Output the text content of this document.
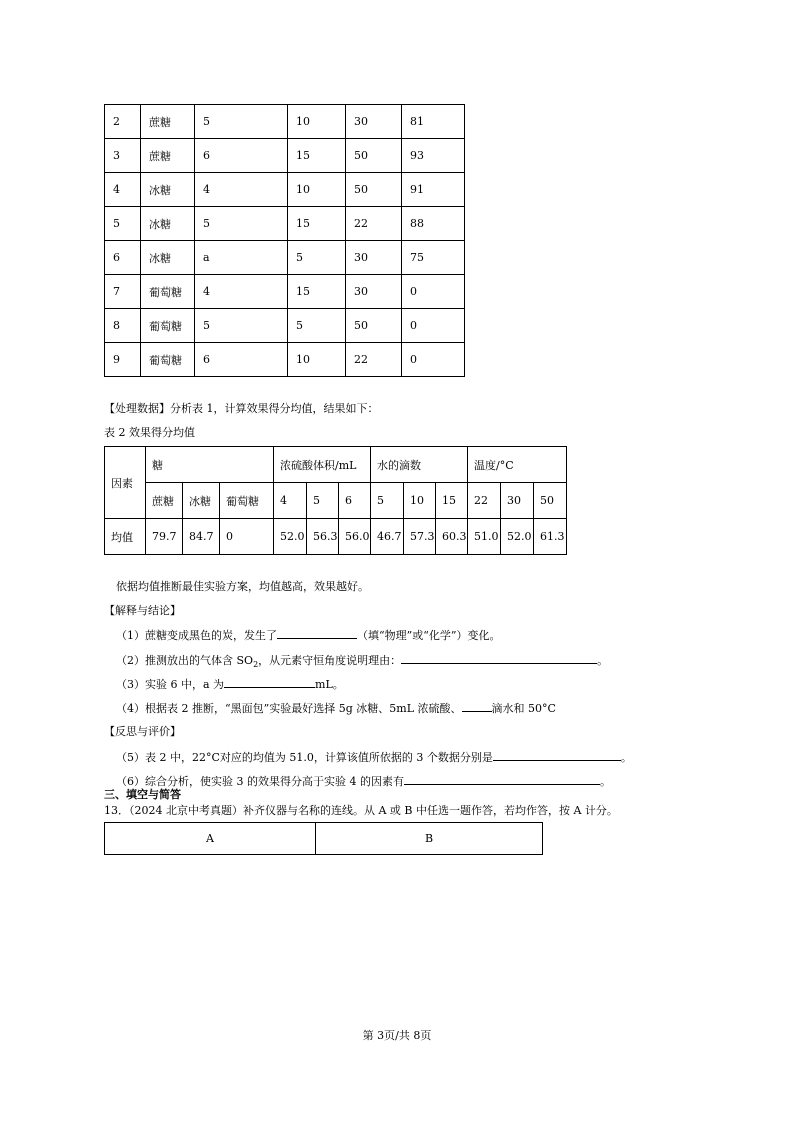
2	蔗糖	5	10	30	81
3	蔗糖	6	15	50	93
4	冰糖	4	10	50	91
5	冰糖	5	15	22	88
6	冰糖	a	5	30	75
7	葡萄糖	4	15	30	0
8	葡萄糖	5	5	50	0
9	葡萄糖	6	10	22	0
【处理数据】分析表 1，计算效果得分均值，结果如下：
表 2 效果得分均值
因素	糖			浓硫酸体积/mL			水的滴数			温度/°C		
	蔗糖	冰糖	葡萄糖	4	5	6	5	10	15	22	30	50
均值	79.7	84.7	0	52.0	56.3	56.0	46.7	57.3	60.3	51.0	52.0	61.3
依据均值推断最佳实验方案，均值越高，效果越好。
【解释与结论】
（1）蔗糖变成黑色的炭，发生了	（填“物理”或“化学”）变化。
（2）推测放出的气体含 $SO_2$，从元素守恒角度说明理由：	。
（3）实验 6 中，a 为	mL。
（4）根据表 2 推断，“黑面包”实验最好选择 5g 冰糖、5mL 浓硫酸、	滴水和 50°C
【反思与评价】
（5）表 2 中，22°C对应的均值为 51.0，计算该值所依据的 3 个数据分别是	。
（6）综合分析，使实验 3 的效果得分高于实验 4 的因素有	。
三、填空与简答
13．（2024 北京中考真题）补齐仪器与名称的连线。从 A 或 B 中任选一题作答，若均作答，按 A 计分。
A	B
第 3页/共 8页
